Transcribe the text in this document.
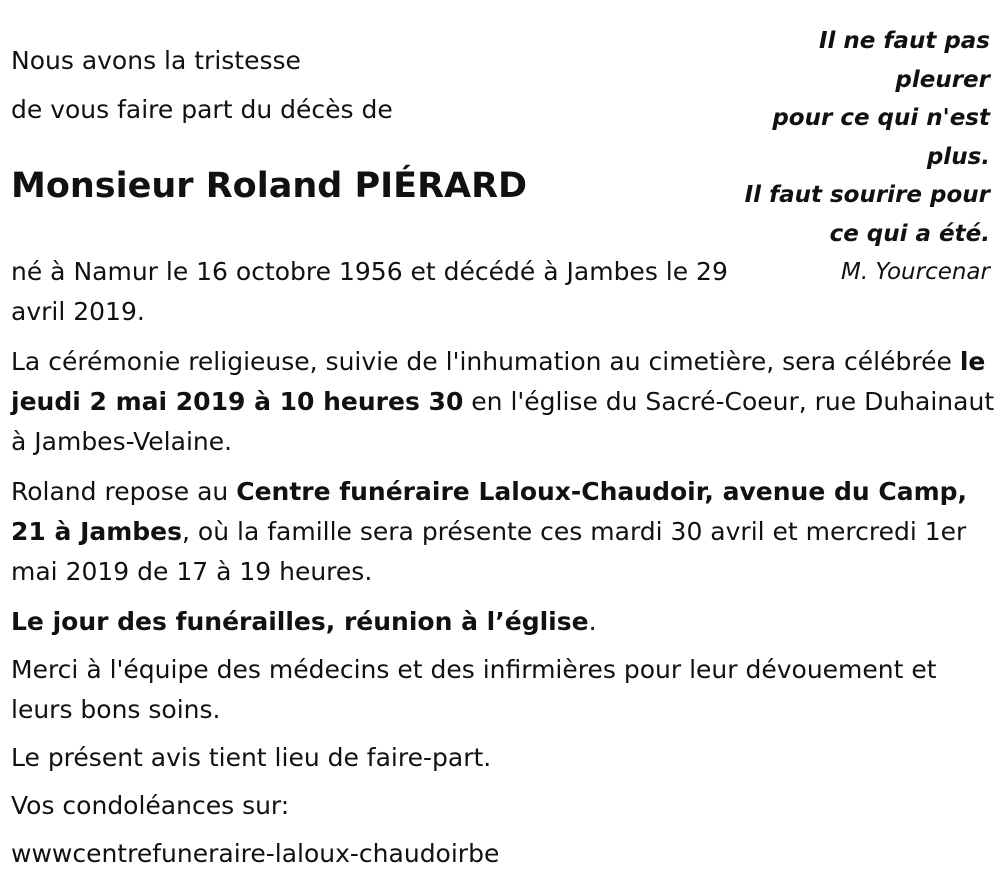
Nous avons la tristesse

de vous faire part du décès de

Monsieur Roland PIÉRARD
Il ne faut pas
pleurer
pour ce qui n'est
plus.
Il faut sourire pour
ce qui a été.
M. Yourcenar

né à Namur le 16 octobre 1956 et décédé à Jambes le 29 avril 2019.

La cérémonie religieuse, suivie de l'inhumation au cimetière, sera célébrée le jeudi 2 mai 2019 à 10 heures 30 en l'église du Sacré-Coeur, rue Duhainaut à Jambes-Velaine.

Roland repose au Centre funéraire Laloux-Chaudoir, avenue du Camp, 21 à Jambes, où la famille sera présente ces mardi 30 avril et mercredi 1er mai 2019 de 17 à 19 heures.

Le jour des funérailles, réunion à l’église.

Merci à l'équipe des médecins et des infirmières pour leur dévouement et leurs bons soins.

Le présent avis tient lieu de faire-part.

Vos condoléances sur:

wwwcentrefuneraire-laloux-chaudoirbe
